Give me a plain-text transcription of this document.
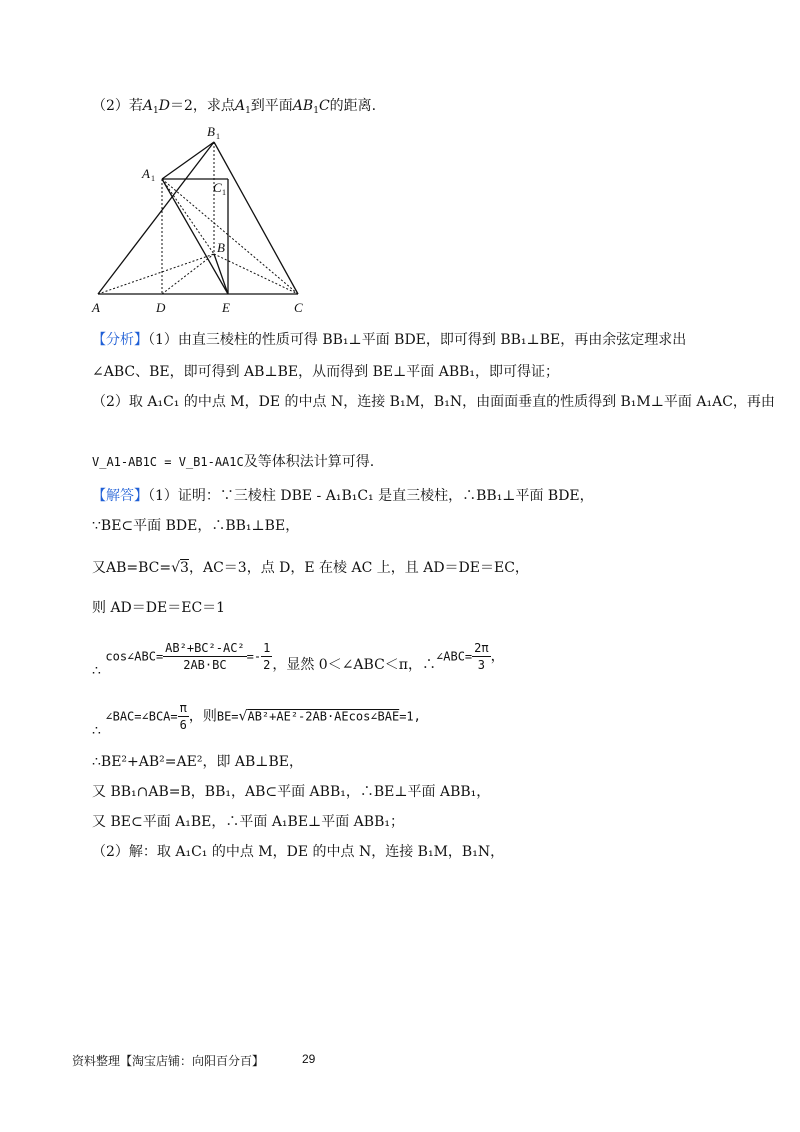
（2）若$A_1D=2$，求点$A_1$到平面$AB_1C$的距离.
A	D	E	C
B
A 1
B 1
C 1
【分析】（1）由直三棱柱的性质可得 BB₁⊥平面 BDE，即可得到 BB₁⊥BE，再由余弦定理求出
∠ABC、BE，即可得到 AB⊥BE，从而得到 BE⊥平面 ABB₁，即可得证；
（2）取 A₁C₁ 的中点 M，DE 的中点 N，连接 B₁M，B₁N，由面面垂直的性质得到 B₁M⊥平面 A₁AC，再由
V_A1-AB1C = V_B1-AA1C及等体积法计算可得.
【解答】（1）证明：∵三棱柱 DBE - A₁B₁C₁ 是直三棱柱，∴BB₁⊥平面 BDE，
∵BE⊂平面 BDE，∴BB₁⊥BE，
又AB=BC=√3，AC＝3，点 D，E 在棱 AC 上，且 AD＝DE＝EC，
则 AD＝DE＝EC＝1
∴ cos∠ABC= $\frac{\text{AB²+BC²-AC²}}{2AB\cdot BC} =- \frac{1}{2}$ ，显然 0＜∠ABC＜π，∴∠ABC= $\frac{2\pi}{3}$ ，
∴ ∠BAC=∠BCA= $\frac{\pi}{6}$ ，则BE=√AB²+AE²-2AB·AEcos∠BAE=1,
∴BE²+AB²=AE²，即 AB⊥BE，
又 BB₁∩AB=B，BB₁，AB⊂平面 ABB₁，∴BE⊥平面 ABB₁，
又 BE⊂平面 A₁BE，∴平面 A₁BE⊥平面 ABB₁；
（2）解：取 A₁C₁ 的中点 M，DE 的中点 N，连接 B₁M，B₁N，
资料整理【淘宝店铺：向阳百分百】	29
